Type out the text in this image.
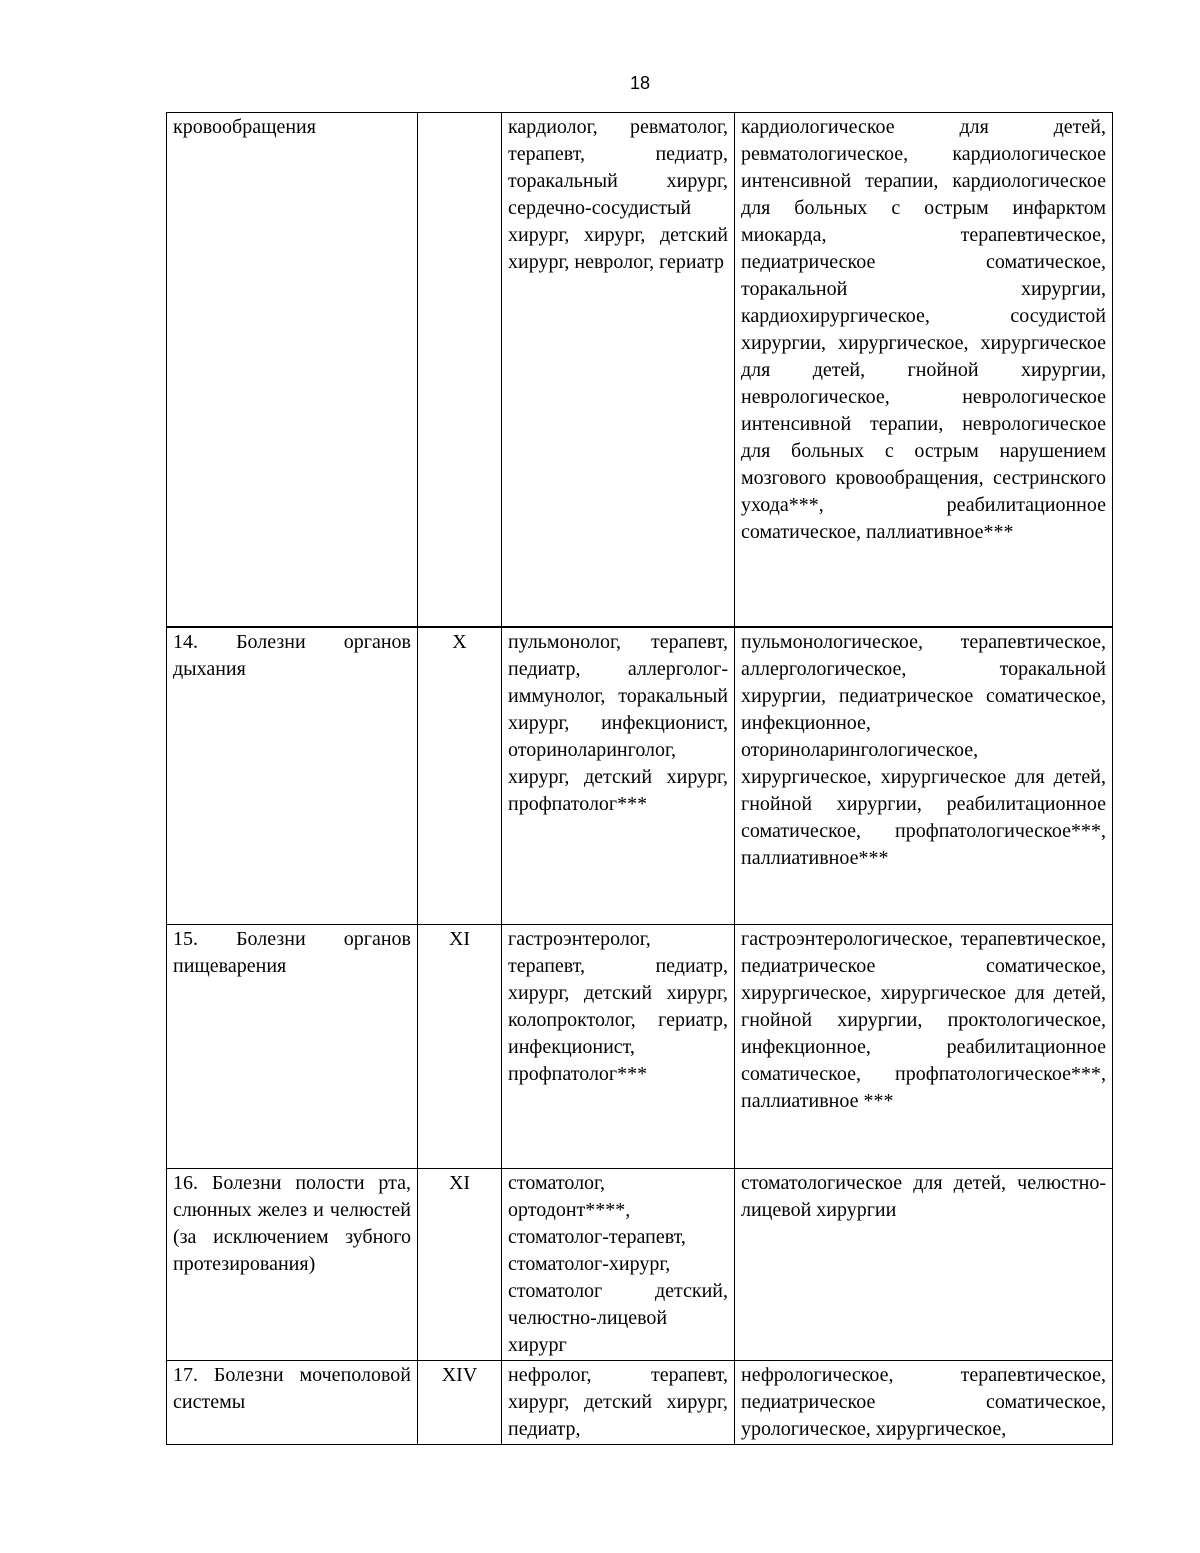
18
кровообращения		кардиолог, ревматолог, терапевт, педиатр, торакальный хирург, сердечно-сосудистый хирург, хирург, детский хирург, невролог, гериатр	кардиологическое для детей, ревматологическое, кардиологическое интенсивной терапии, кардиологическое для больных с острым инфарктом миокарда, терапевтическое, педиатрическое соматическое, торакальной хирургии, кардиохирургическое, сосудистой хирургии, хирургическое, хирургическое для детей, гнойной хирургии, неврологическое, неврологическое интенсивной терапии, неврологическое для больных с острым нарушением мозгового кровообращения, сестринского ухода***, реабилитационное соматическое, паллиативное***
14. Болезни органов дыхания	X	пульмонолог, терапевт, педиатр, аллерголог-иммунолог, торакальный хирург, инфекционист, оториноларинголог, хирург, детский хирург, профпатолог***	пульмонологическое, терапевтическое, аллергологическое, торакальной хирургии, педиатрическое соматическое, инфекционное, оториноларингологическое, хирургическое, хирургическое для детей, гнойной хирургии, реабилитационное соматическое, профпатологическое***, паллиативное***
15. Болезни органов пищеварения	XI	гастроэнтеролог, терапевт, педиатр, хирург, детский хирург, колопроктолог, гериатр, инфекционист, профпатолог***	гастроэнтерологическое, терапевтическое, педиатрическое соматическое, хирургическое, хирургическое для детей, гнойной хирургии, проктологическое, инфекционное, реабилитационное соматическое, профпатологическое***, паллиативное ***
16. Болезни полости рта, слюнных желез и челюстей (за исключением зубного протезирования)	XI	стоматолог, ортодонт****, стоматолог-терапевт, стоматолог-хирург, стоматолог детский, челюстно-лицевой хирург	стоматологическое для детей, челюстно- лицевой хирургии
17. Болезни мочеполовой системы	XIV	нефролог, терапевт, хирург, детский хирург, педиатр,	нефрологическое, терапевтическое, педиатрическое соматическое, урологическое, хирургическое,
